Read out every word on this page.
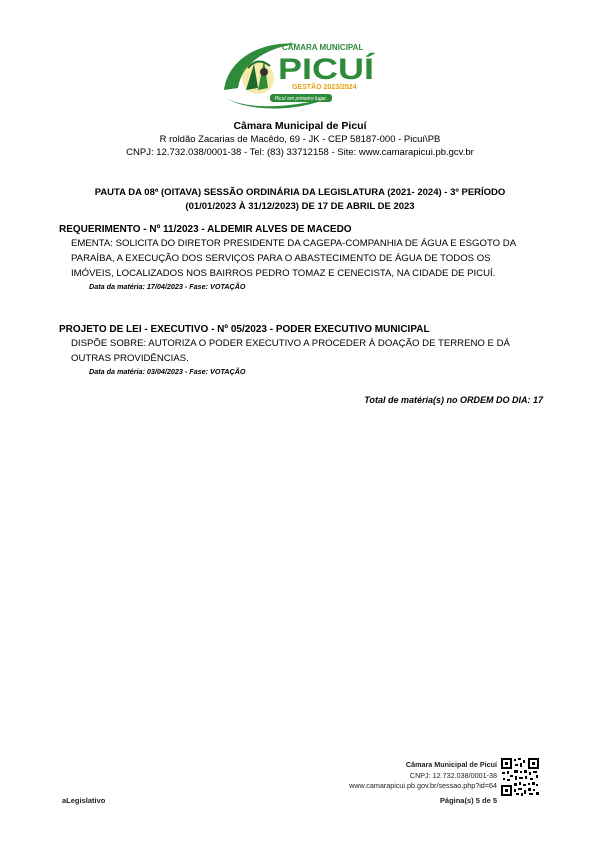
Picuí em primeiro lugar.
CÂMARA MUNICIPAL
PICUÍ
GESTÃO 2023/2024
Câmara Municipal de Picuí
R roldão Zacarias de Macêdo, 69 - JK - CEP 58187-000 - Picuí\PB
CNPJ: 12.732.038/0001-38 - Tel: (83) 33712158 - Site: www.camarapicui.pb.gcv.br
PAUTA DA 08ª (OITAVA) SESSÃO ORDINÁRIA DA LEGISLATURA (2021- 2024) - 3º PERÍODO
(01/01/2023 À 31/12/2023) DE 17 DE ABRIL DE 2023
REQUERIMENTO - Nº 11/2023 - ALDEMIR ALVES DE MACEDO
EMENTA: SOLICITA DO DIRETOR PRESIDENTE DA CAGEPA-COMPANHIA DE ÁGUA E ESGOTO DA PARAÍBA, A EXECUÇÃO DOS SERVIÇOS PARA O ABASTECIMENTO DE ÁGUA DE TODOS OS IMÓVEIS, LOCALIZADOS NOS BAIRROS PEDRO TOMAZ E CENECISTA, NA CIDADE DE PICUÍ.
Data da matéria: 17/04/2023 - Fase: VOTAÇÃO
PROJETO DE LEI - EXECUTIVO - Nº 05/2023 - PODER EXECUTIVO MUNICIPAL
DISPÕE SOBRE: AUTORIZA O PODER EXECUTIVO A PROCEDER À DOAÇÃO DE TERRENO E DÁ OUTRAS PROVIDÊNCIAS.
Data da matéria: 03/04/2023 - Fase: VOTAÇÃO
Total de matéria(s) no ORDEM DO DIA: 17
Câmara Municipal de Picuí
CNPJ: 12.732.038/0001-38
www.camarapicui.pb.gov.br/sessao.php?id=64
aLegislativo	Página(s) 5 de 5
